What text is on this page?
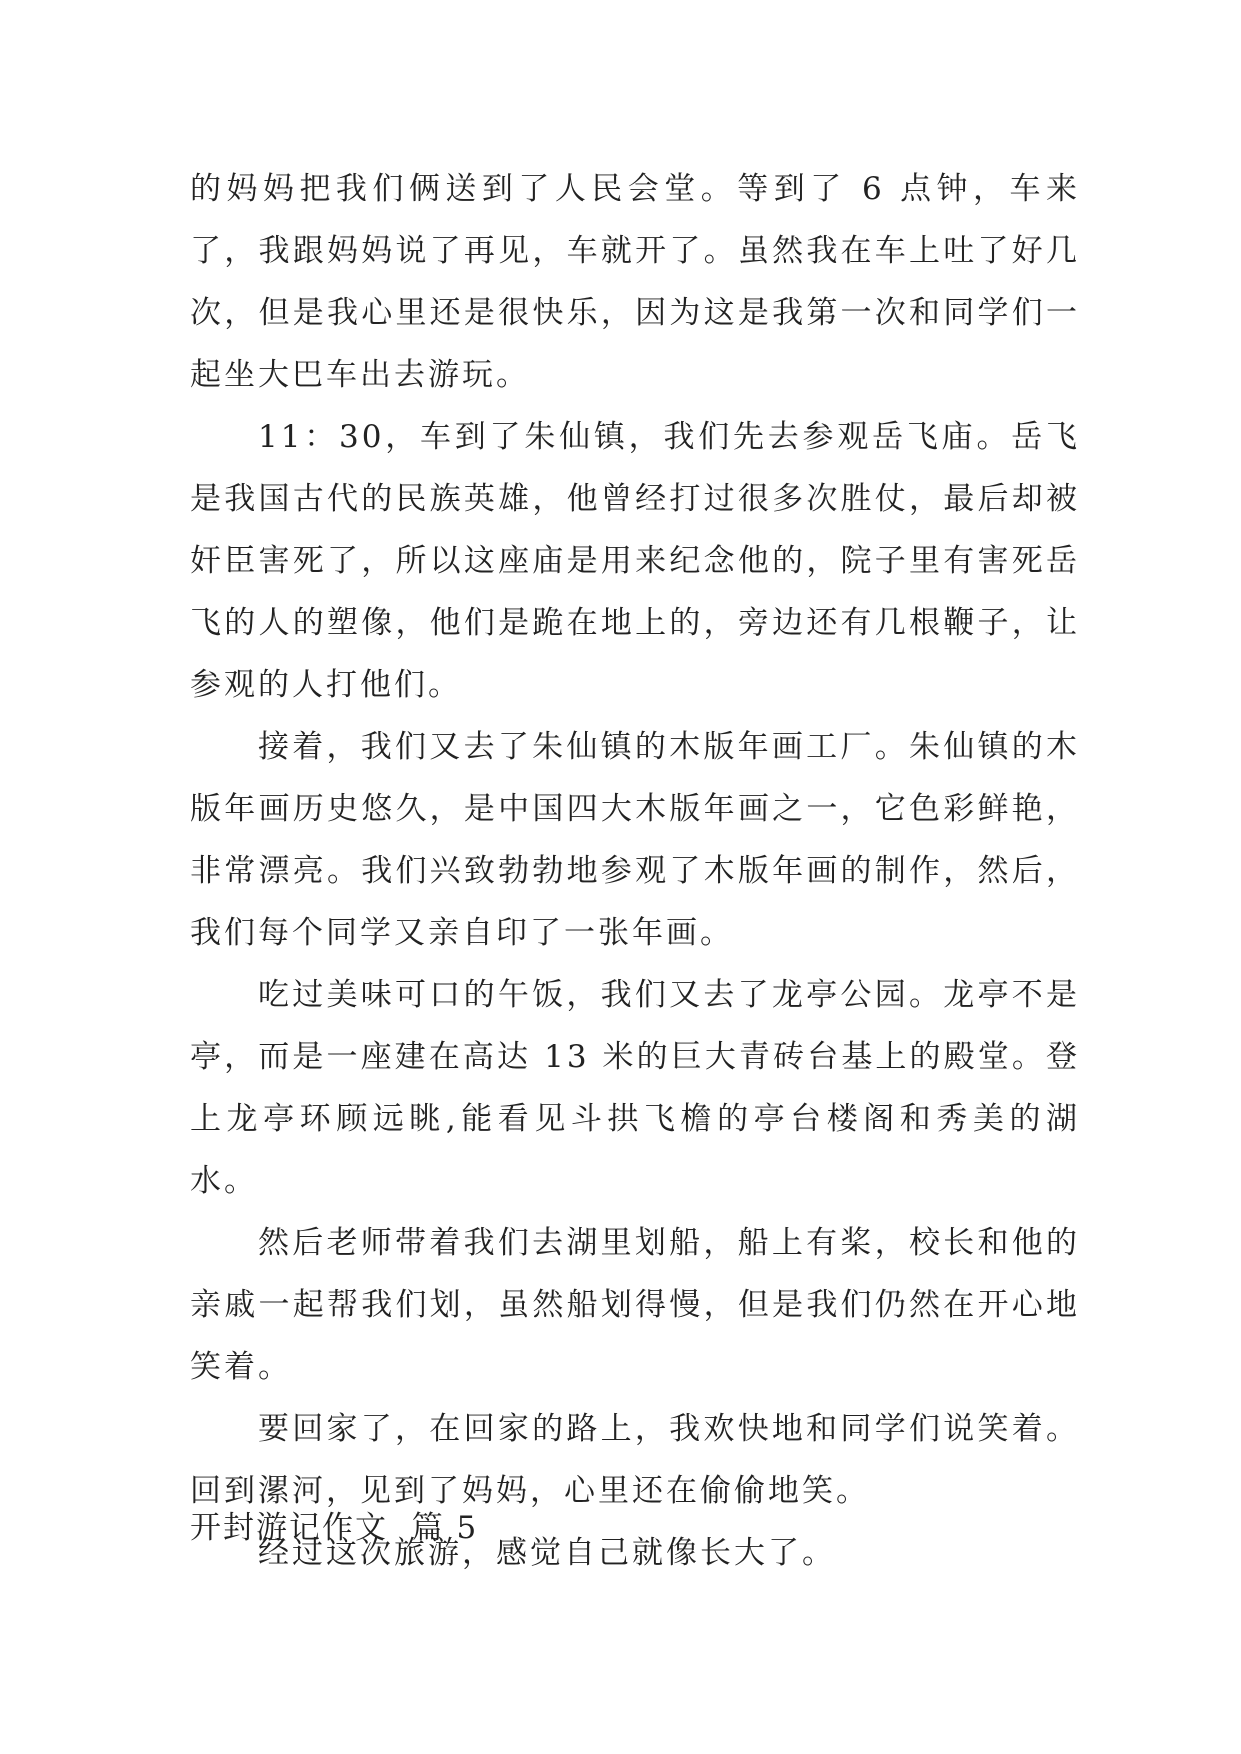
的妈妈把我们俩送到了人民会堂。等到了 6 点钟，车来了，我跟妈妈说了再见，车就开了。虽然我在车上吐了好几次，但是我心里还是很快乐，因为这是我第一次和同学们一起坐大巴车出去游玩。

11：30，车到了朱仙镇，我们先去参观岳飞庙。岳飞是我国古代的民族英雄，他曾经打过很多次胜仗，最后却被奸臣害死了，所以这座庙是用来纪念他的，院子里有害死岳飞的人的塑像，他们是跪在地上的，旁边还有几根鞭子，让参观的人打他们。

接着，我们又去了朱仙镇的木版年画工厂。朱仙镇的木版年画历史悠久，是中国四大木版年画之一，它色彩鲜艳，非常漂亮。我们兴致勃勃地参观了木版年画的制作，然后，我们每个同学又亲自印了一张年画。

吃过美味可口的午饭，我们又去了龙亭公园。龙亭不是亭，而是一座建在高达 13 米的巨大青砖台基上的殿堂。登上龙亭环顾远眺,能看见斗拱飞檐的亭台楼阁和秀美的湖水。

然后老师带着我们去湖里划船，船上有桨，校长和他的亲戚一起帮我们划，虽然船划得慢，但是我们仍然在开心地笑着。

要回家了，在回家的路上，我欢快地和同学们说笑着。回到漯河，见到了妈妈，心里还在偷偷地笑。

经过这次旅游，感觉自己就像长大了。

开封游记作文  篇 5
